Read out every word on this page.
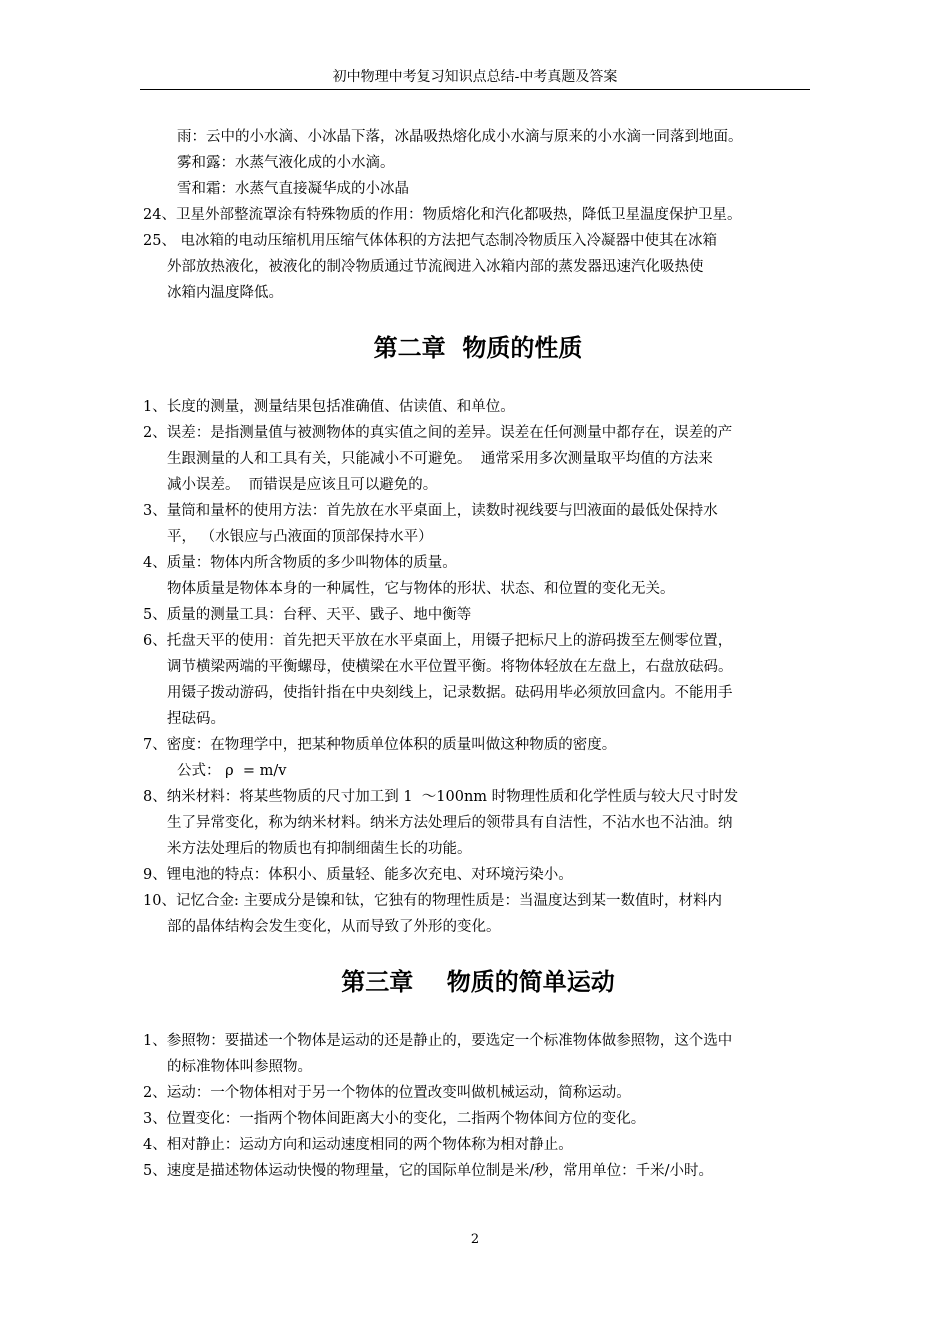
初中物理中考复习知识点总结-中考真题及答案
雨：云中的小水滴、小冰晶下落，冰晶吸热熔化成小水滴与原来的小水滴一同落到地面。
雾和露：水蒸气液化成的小水滴。
雪和霜：水蒸气直接凝华成的小冰晶
24、卫星外部整流罩涂有特殊物质的作用：物质熔化和汽化都吸热，降低卫星温度保护卫星。
25、 电冰箱的电动压缩机用压缩气体体积的方法把气态制冷物质压入冷凝器中使其在冰箱
外部放热液化，被液化的制冷物质通过节流阀进入冰箱内部的蒸发器迅速汽化吸热使
冰箱内温度降低。
第二章  物质的性质
1、长度的测量，测量结果包括准确值、估读值、和单位。
2、误差：是指测量值与被测物体的真实值之间的差异。误差在任何测量中都存在，误差的产
生跟测量的人和工具有关，只能减小不可避免。  通常采用多次测量取平均值的方法来
减小误差。  而错误是应该且可以避免的。
3、量筒和量杯的使用方法：首先放在水平桌面上，读数时视线要与凹液面的最低处保持水
平， （水银应与凸液面的顶部保持水平）
4、质量：物体内所含物质的多少叫物体的质量。
物体质量是物体本身的一种属性，它与物体的形状、状态、和位置的变化无关。
5、质量的测量工具：台秤、天平、戥子、地中衡等
6、托盘天平的使用：首先把天平放在水平桌面上，用镊子把标尺上的游码拨至左侧零位置，
调节横梁两端的平衡螺母，使横梁在水平位置平衡。将物体轻放在左盘上，右盘放砝码。
用镊子拨动游码，使指针指在中央刻线上，记录数据。砝码用毕必须放回盒内。不能用手
捏砝码。
7、密度：在物理学中，把某种物质单位体积的质量叫做这种物质的密度。
公式： ρ  = m/v
8、纳米材料：将某些物质的尺寸加工到 1  ～100nm 时物理性质和化学性质与较大尺寸时发
生了异常变化，称为纳米材料。纳米方法处理后的领带具有自洁性，不沾水也不沾油。纳
米方法处理后的物质也有抑制细菌生长的功能。
9、锂电池的特点：体积小、质量轻、能多次充电、对环境污染小。
10、记忆合金: 主要成分是镍和钛，它独有的物理性质是：当温度达到某一数值时，材料内
部的晶体结构会发生变化，从而导致了外形的变化。
第三章    物质的简单运动
1、参照物：要描述一个物体是运动的还是静止的，要选定一个标准物体做参照物，这个选中
的标准物体叫参照物。
2、运动：一个物体相对于另一个物体的位置改变叫做机械运动，简称运动。
3、位置变化：一指两个物体间距离大小的变化，二指两个物体间方位的变化。
4、相对静止：运动方向和运动速度相同的两个物体称为相对静止。
5、速度是描述物体运动快慢的物理量，它的国际单位制是米/秒，常用单位：千米/小时。
2
